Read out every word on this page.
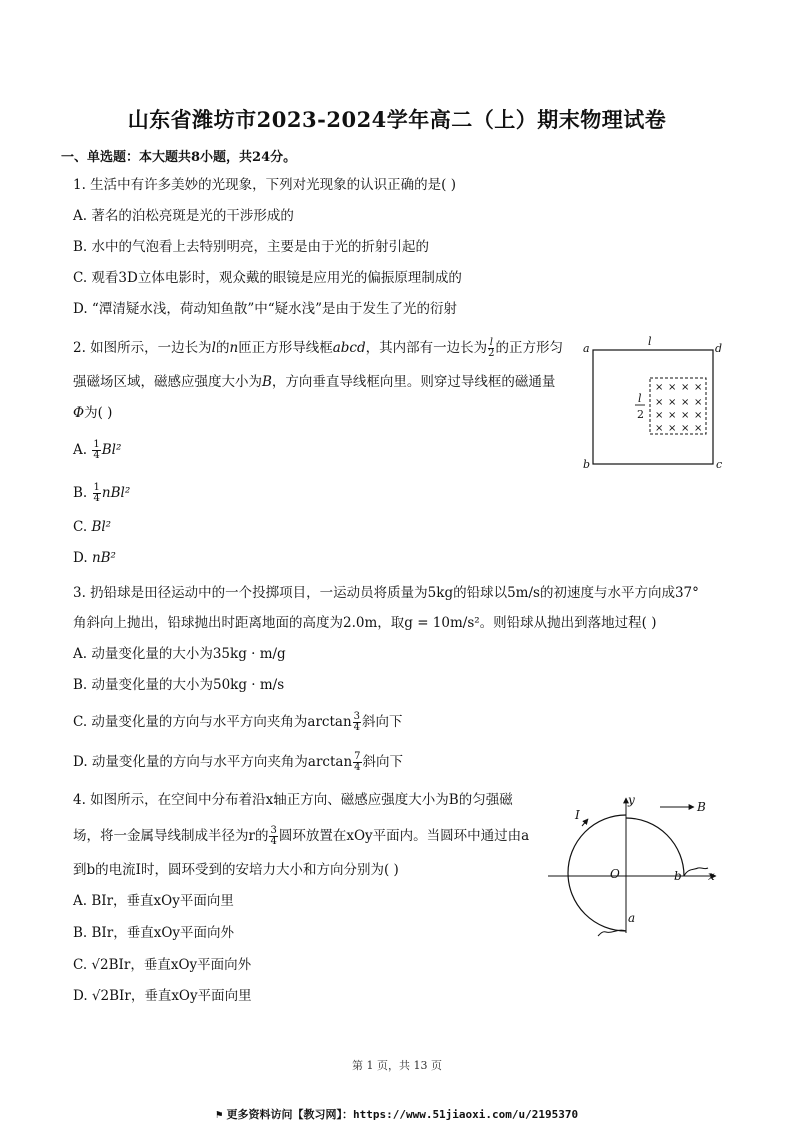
山东省潍坊市2023-2024学年高二（上）期末物理试卷
一、单选题：本大题共8小题，共24分。
1. 生活中有许多美妙的光现象，下列对光现象的认识正确的是( )
A. 著名的泊松亮斑是光的干涉形成的
B. 水中的气泡看上去特别明亮，主要是由于光的折射引起的
C. 观看3D立体电影时，观众戴的眼镜是应用光的偏振原理制成的
D. “潭清疑水浅，荷动知鱼散”中“疑水浅”是由于发生了光的衍射
2. 如图所示，一边长为l的n匝正方形导线框abcd，其内部有一边长为 $\frac{l}{2}$ 的正方形匀
强磁场区域，磁感应强度大小为B，方向垂直导线框向里。则穿过导线框的磁通量
Φ为( )
A. $\frac{1}{4} Bl^2$
B. $\frac{1}{4} nBl^2$
C. Bl²
D. nB²
× × × ×
× × × ×
× × × ×
× × × ×
a
b	c
d
l
l
2
3. 扔铅球是田径运动中的一个投掷项目，一运动员将质量为5kg的铅球以5m/s的初速度与水平方向成37°
角斜向上抛出，铅球抛出时距离地面的高度为2.0m，取g = 10m/s²。则铅球从抛出到落地过程( )
A. 动量变化量的大小为35kg · m/g
B. 动量变化量的大小为50kg · m/s
C. 动量变化量的方向与水平方向夹角为$\arctan \frac{3}{4}$ 斜向下
D. 动量变化量的方向与水平方向夹角为$\arctan \frac{7}{4}$ 斜向下
4. 如图所示，在空间中分布着沿x轴正方向、磁感应强度大小为B的匀强磁
场，将一金属导线制成半径为r的 $\frac{3}{4}$ 圆环放置在xOy平面内。当圆环中通过由a
到b的电流I时，圆环受到的安培力大小和方向分别为( )
A. BIr，垂直xOy平面向里
B. BIr，垂直xOy平面向外
C. √2BIr，垂直xOy平面向外
D. √2BIr，垂直xOy平面向里
y
x
B
I
O	b
a
第 1 页，共 13 页
⚑ 更多资料访问【教习网】：https://www.51jiaoxi.com/u/2195370
